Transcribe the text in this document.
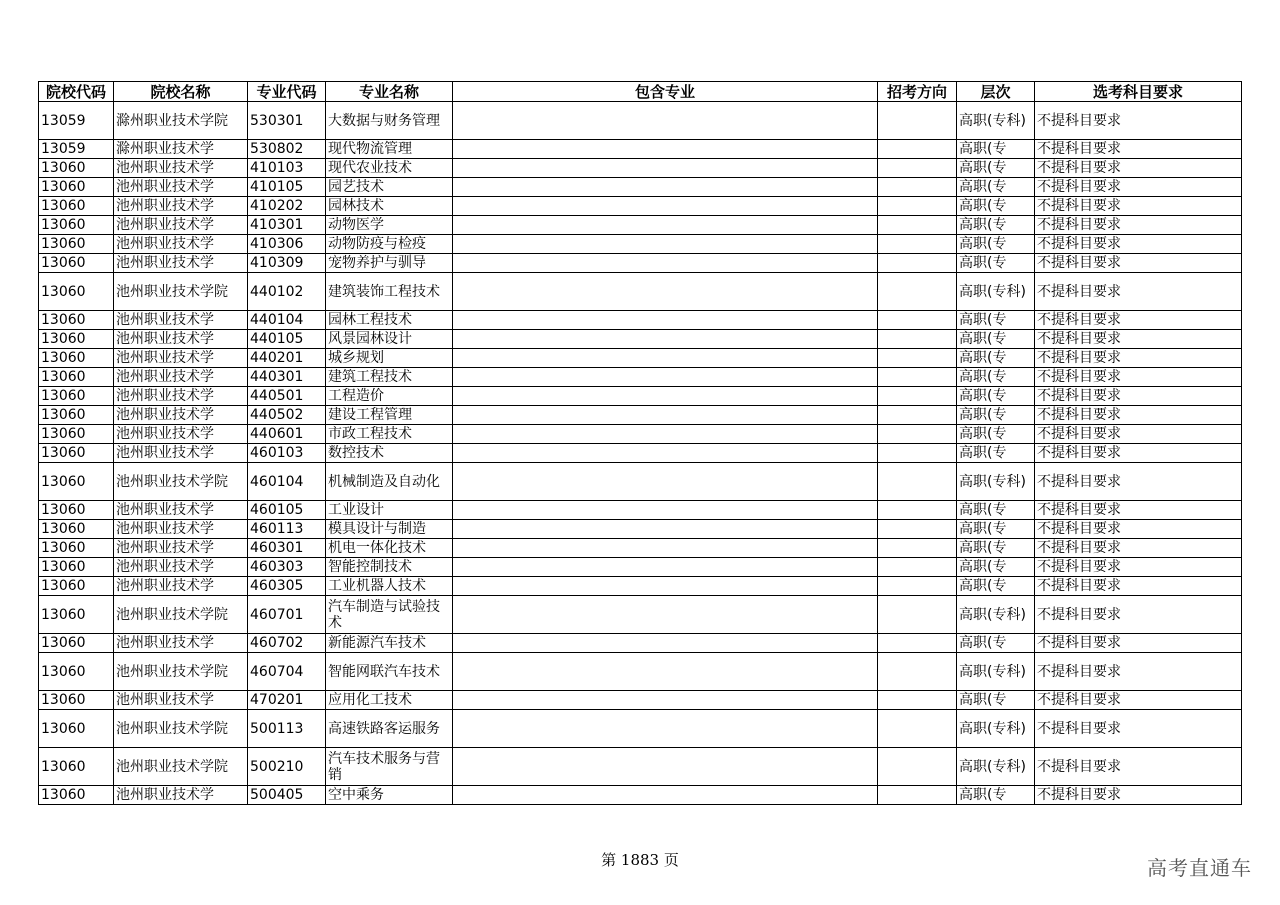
院校代码	院校名称	专业代码	专业名称	包含专业	招考方向	层次	选考科目要求
13059	滁州职业技术学院	530301	大数据与财务管理			高职(专科)	不提科目要求
13059	滁州职业技术学	530802	现代物流管理			高职(专	不提科目要求
13060	池州职业技术学	410103	现代农业技术			高职(专	不提科目要求
13060	池州职业技术学	410105	园艺技术			高职(专	不提科目要求
13060	池州职业技术学	410202	园林技术			高职(专	不提科目要求
13060	池州职业技术学	410301	动物医学			高职(专	不提科目要求
13060	池州职业技术学	410306	动物防疫与检疫			高职(专	不提科目要求
13060	池州职业技术学	410309	宠物养护与驯导			高职(专	不提科目要求
13060	池州职业技术学院	440102	建筑装饰工程技术			高职(专科)	不提科目要求
13060	池州职业技术学	440104	园林工程技术			高职(专	不提科目要求
13060	池州职业技术学	440105	风景园林设计			高职(专	不提科目要求
13060	池州职业技术学	440201	城乡规划			高职(专	不提科目要求
13060	池州职业技术学	440301	建筑工程技术			高职(专	不提科目要求
13060	池州职业技术学	440501	工程造价			高职(专	不提科目要求
13060	池州职业技术学	440502	建设工程管理			高职(专	不提科目要求
13060	池州职业技术学	440601	市政工程技术			高职(专	不提科目要求
13060	池州职业技术学	460103	数控技术			高职(专	不提科目要求
13060	池州职业技术学院	460104	机械制造及自动化			高职(专科)	不提科目要求
13060	池州职业技术学	460105	工业设计			高职(专	不提科目要求
13060	池州职业技术学	460113	模具设计与制造			高职(专	不提科目要求
13060	池州职业技术学	460301	机电一体化技术			高职(专	不提科目要求
13060	池州职业技术学	460303	智能控制技术			高职(专	不提科目要求
13060	池州职业技术学	460305	工业机器人技术			高职(专	不提科目要求
13060	池州职业技术学院	460701	汽车制造与试验技术			高职(专科)	不提科目要求
13060	池州职业技术学	460702	新能源汽车技术			高职(专	不提科目要求
13060	池州职业技术学院	460704	智能网联汽车技术			高职(专科)	不提科目要求
13060	池州职业技术学	470201	应用化工技术			高职(专	不提科目要求
13060	池州职业技术学院	500113	高速铁路客运服务			高职(专科)	不提科目要求
13060	池州职业技术学院	500210	汽车技术服务与营销			高职(专科)	不提科目要求
13060	池州职业技术学	500405	空中乘务			高职(专	不提科目要求
第 1883 页	高考直通车
